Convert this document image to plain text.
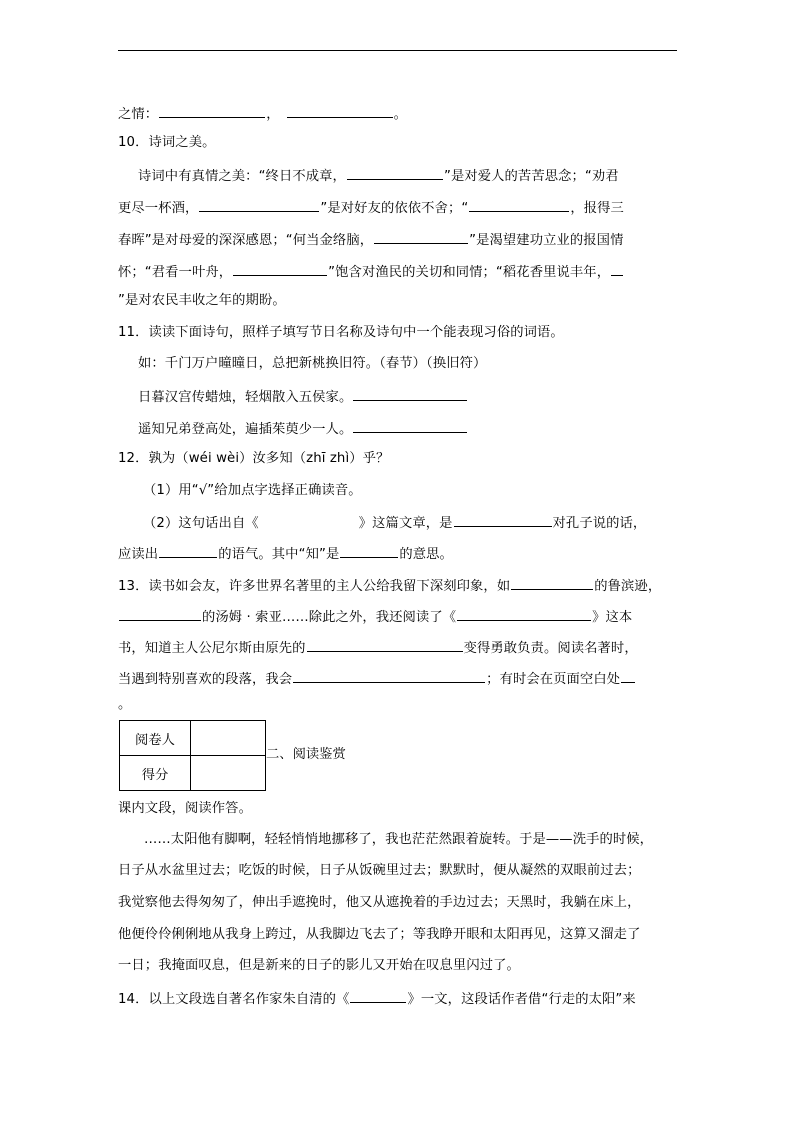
之情：	，	。
10．诗词之美。
诗词中有真情之美：“终日不成章，	”是对爱人的苦苦思念；“劝君
更尽一杯酒，	”是对好友的依依不舍；“	，报得三
春晖”是对母爱的深深感恩；“何当金络脑，	”是渴望建功立业的报国情
怀；“君看一叶舟，	”饱含对渔民的关切和同情；“稻花香里说丰年，
”是对农民丰收之年的期盼。
11．读读下面诗句，照样子填写节日名称及诗句中一个能表现习俗的词语。
如：千门万户曈曈日，总把新桃换旧符。（春节）（换旧符）
日暮汉宫传蜡烛，轻烟散入五侯家。
遥知兄弟登高处，遍插茱萸少一人。
12．孰为（wéi wèi）汝多知（zhī zhì）乎？
（1）用“√”给加点字选择正确读音。
（2）这句话出自《	》这篇文章，是	对孔子说的话，
应读出	的语气。其中“知”是	的意思。
13．读书如会友，许多世界名著里的主人公给我留下深刻印象，如	的鲁滨逊，
的汤姆 · 索亚……除此之外，我还阅读了《	》这本
书，知道主人公尼尔斯由原先的	变得勇敢负责。阅读名著时，
当遇到特别喜欢的段落，我会	；有时会在页面空白处
。
阅卷人	
得分	
二、阅读鉴赏
课内文段，阅读作答。
……太阳他有脚啊，轻轻悄悄地挪移了，我也茫茫然跟着旋转。于是——洗手的时候，
日子从水盆里过去；吃饭的时候，日子从饭碗里过去；默默时，便从凝然的双眼前过去；
我觉察他去得匆匆了，伸出手遮挽时，他又从遮挽着的手边过去；天黑时，我躺在床上，
他便伶伶俐俐地从我身上跨过，从我脚边飞去了；等我睁开眼和太阳再见，这算又溜走了
一日；我掩面叹息，但是新来的日子的影儿又开始在叹息里闪过了。
14．以上文段选自著名作家朱自清的《	》一文，这段话作者借“行走的太阳”来
